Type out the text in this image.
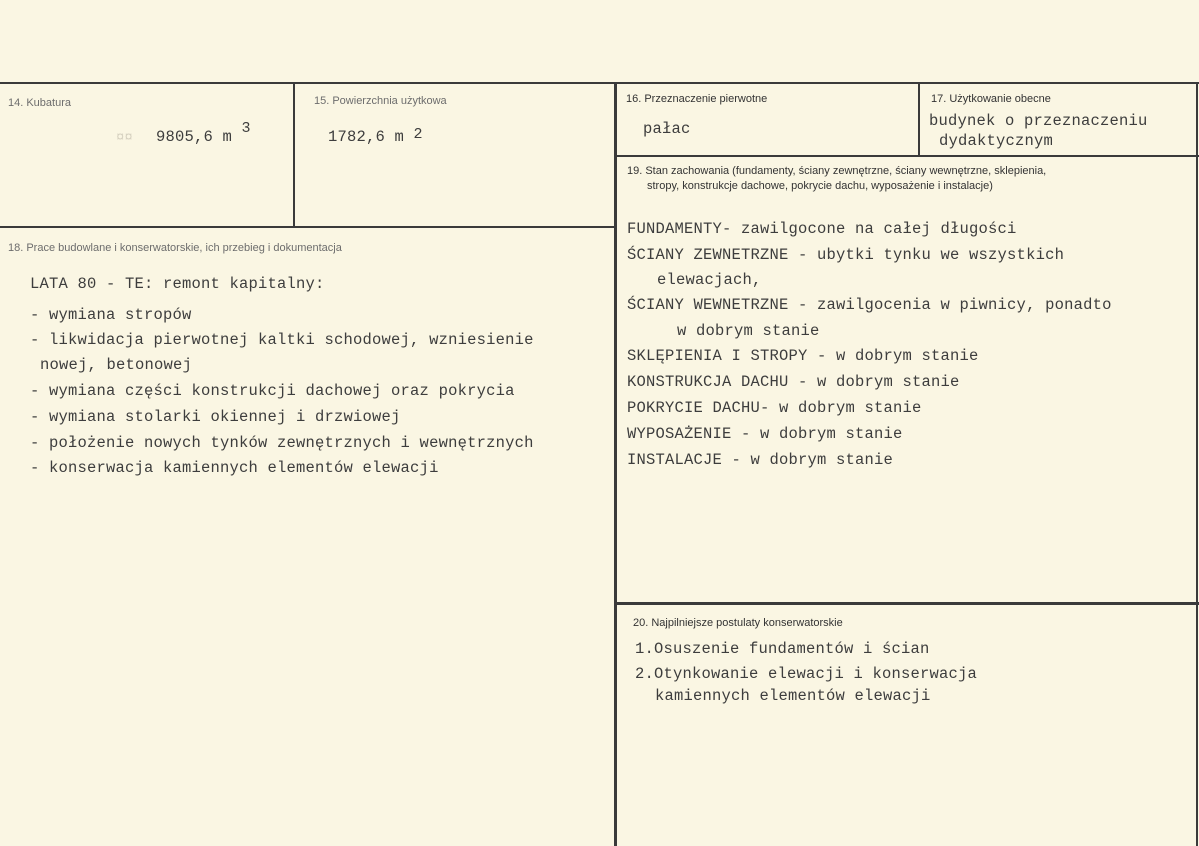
14. Kubatura
¤¤ 9805,6 m 3
15. Powierzchnia użytkowa
1782,6 m 2
16. Przeznaczenie pierwotne
pałac
17. Użytkowanie obecne
budynek o przeznaczeniu
dydaktycznym
18. Prace budowlane i konserwatorskie, ich przebieg i dokumentacja
LATA 80 - TE: remont kapitalny:
- wymiana stropów
- likwidacja pierwotnej kaltki schodowej, wzniesienie
nowej, betonowej
- wymiana części konstrukcji dachowej oraz pokrycia
- wymiana stolarki okiennej i drzwiowej
- położenie nowych tynków zewnętrznych i wewnętrznych
- konserwacja kamiennych elementów elewacji
19. Stan zachowania (fundamenty, ściany zewnętrzne, ściany wewnętrzne, sklepienia,
stropy, konstrukcje dachowe, pokrycie dachu, wyposażenie i instalacje)
FUNDAMENTY- zawilgocone na całej długości
ŚCIANY ZEWNETRZNE - ubytki tynku we wszystkich
elewacjach,
ŚCIANY WEWNETRZNE - zawilgocenia w piwnicy, ponadto
w dobrym stanie
SKLĘPIENIA I STROPY - w dobrym stanie
KONSTRUKCJA DACHU - w dobrym stanie
POKRYCIE DACHU- w dobrym stanie
WYPOSAŻENIE - w dobrym stanie
INSTALACJE - w dobrym stanie
20. Najpilniejsze postulaty konserwatorskie
1.Osuszenie fundamentów i ścian
2.Otynkowanie elewacji i konserwacja
kamiennych elementów elewacji
